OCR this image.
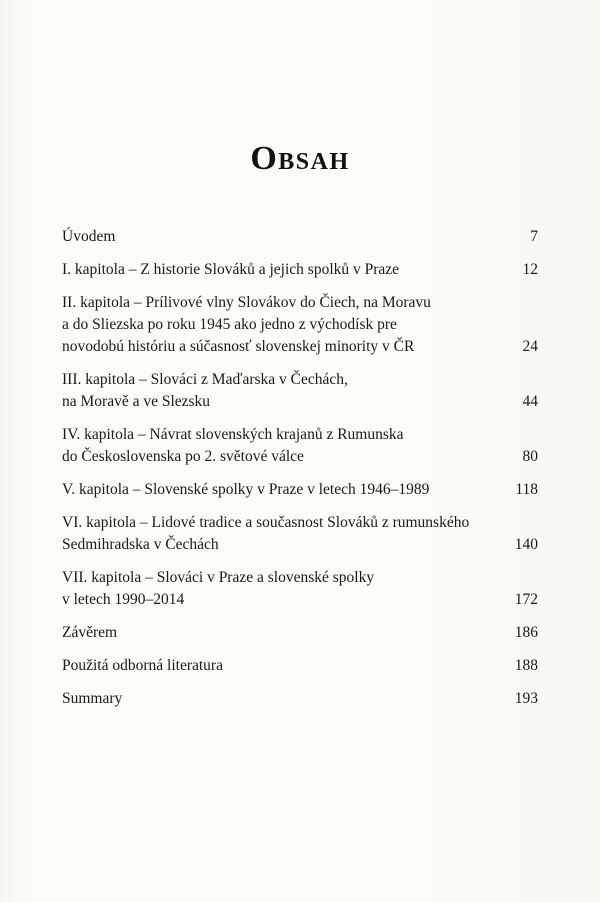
Obsah
Úvodem	7
I. kapitola – Z historie Slováků a jejich spolků v Praze	12
II. kapitola – Prílivové vlny Slovákov do Čiech, na Moravu
a do Sliezska po roku 1945 ako jedno z východísk pre
novodobú históriu a súčasnosť slovenskej minority v ČR	24
III. kapitola – Slováci z Maďarska v Čechách,
na Moravě a ve Slezsku	44
IV. kapitola – Návrat slovenských krajanů z Rumunska
do Československa po 2. světové válce	80
V. kapitola – Slovenské spolky v Praze v letech 1946–1989	118
VI. kapitola – Lidové tradice a současnost Slováků z rumunského
Sedmihradska v Čechách	140
VII. kapitola – Slováci v Praze a slovenské spolky
v letech 1990–2014	172
Závěrem	186
Použitá odborná literatura	188
Summary	193
